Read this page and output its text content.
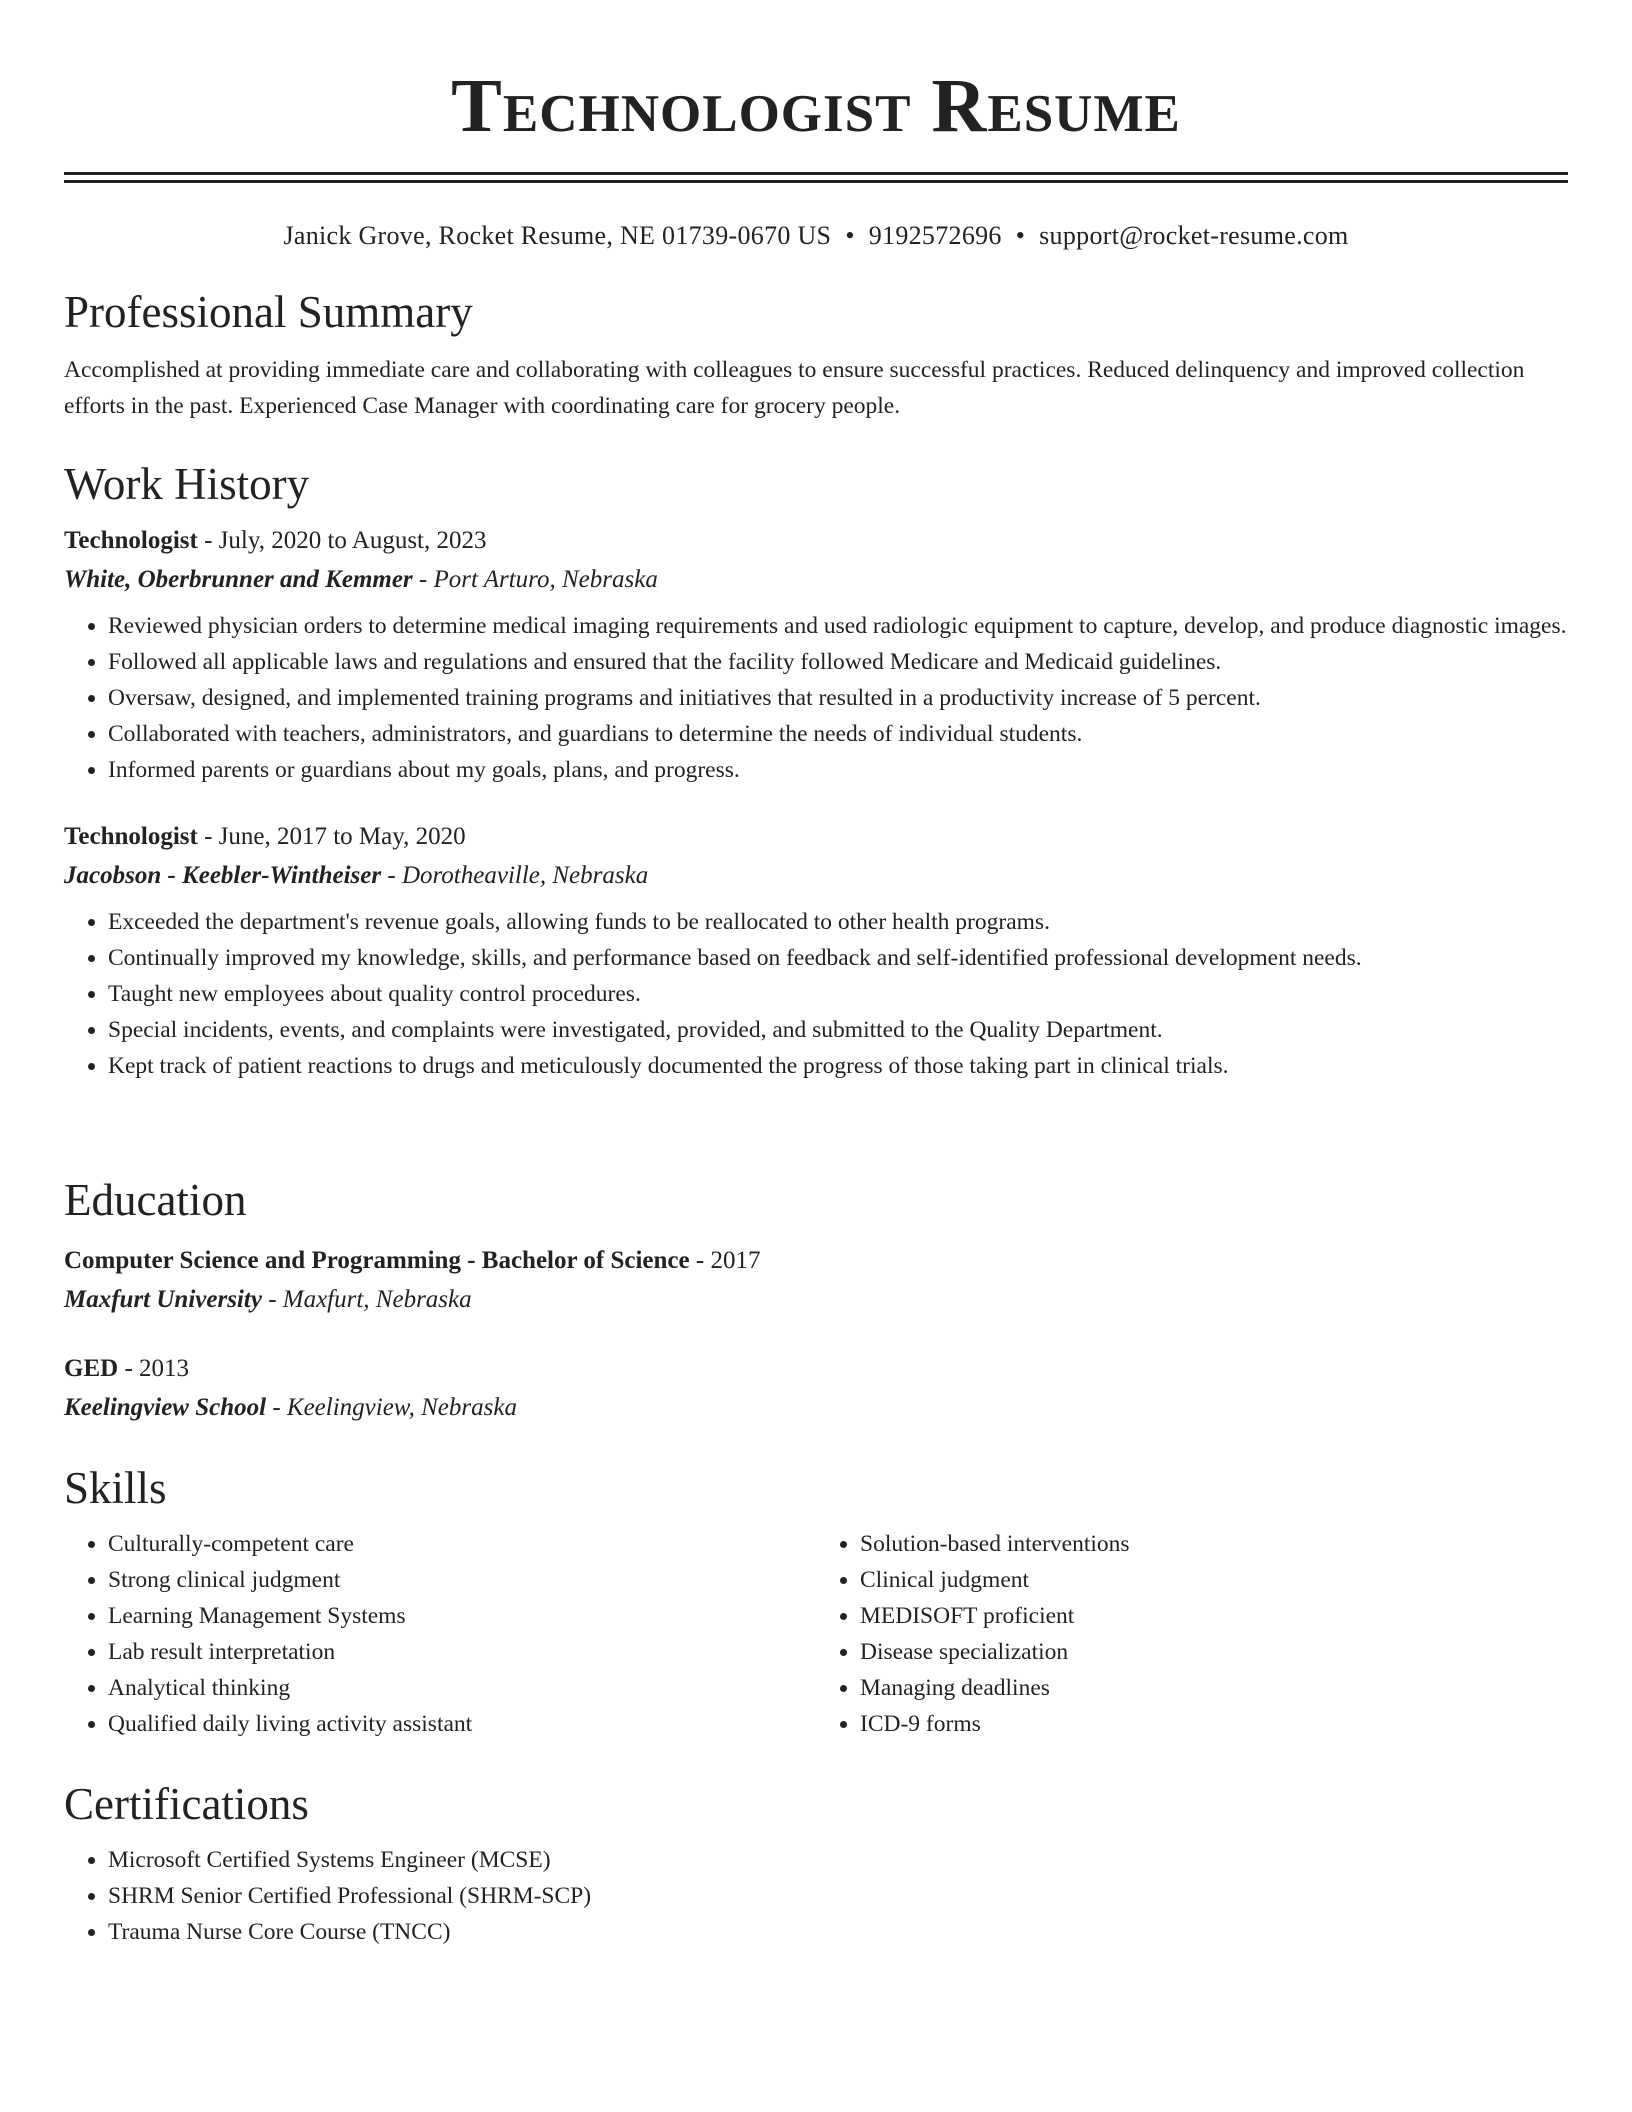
Technologist Resume
Janick Grove, Rocket Resume, NE 01739-0670 US • 9192572696 • support@rocket-resume.com
Professional Summary

Accomplished at providing immediate care and collaborating with colleagues to ensure successful practices. Reduced delinquency and improved collection efforts in the past. Experienced Case Manager with coordinating care for grocery people.

Work History

Technologist - July, 2020 to August, 2023

White, Oberbrunner and Kemmer - Port Arturo, Nebraska

• Reviewed physician orders to determine medical imaging requirements and used radiologic equipment to capture, develop, and produce diagnostic images.
• Followed all applicable laws and regulations and ensured that the facility followed Medicare and Medicaid guidelines.
• Oversaw, designed, and implemented training programs and initiatives that resulted in a productivity increase of 5 percent.
• Collaborated with teachers, administrators, and guardians to determine the needs of individual students.
• Informed parents or guardians about my goals, plans, and progress.

Technologist - June, 2017 to May, 2020

Jacobson - Keebler-Wintheiser - Dorotheaville, Nebraska

• Exceeded the department's revenue goals, allowing funds to be reallocated to other health programs.
• Continually improved my knowledge, skills, and performance based on feedback and self-identified professional development needs.
• Taught new employees about quality control procedures.
• Special incidents, events, and complaints were investigated, provided, and submitted to the Quality Department.
• Kept track of patient reactions to drugs and meticulously documented the progress of those taking part in clinical trials.
Education

Computer Science and Programming - Bachelor of Science - 2017

Maxfurt University - Maxfurt, Nebraska

GED - 2013

Keelingview School - Keelingview, Nebraska

Skills
• Culturally-competent care
• Strong clinical judgment
• Learning Management Systems
• Lab result interpretation
• Analytical thinking
• Qualified daily living activity assistant
• Solution-based interventions
• Clinical judgment
• MEDISOFT proficient
• Disease specialization
• Managing deadlines
• ICD-9 forms
Certifications
• Microsoft Certified Systems Engineer (MCSE)
• SHRM Senior Certified Professional (SHRM-SCP)
• Trauma Nurse Core Course (TNCC)
